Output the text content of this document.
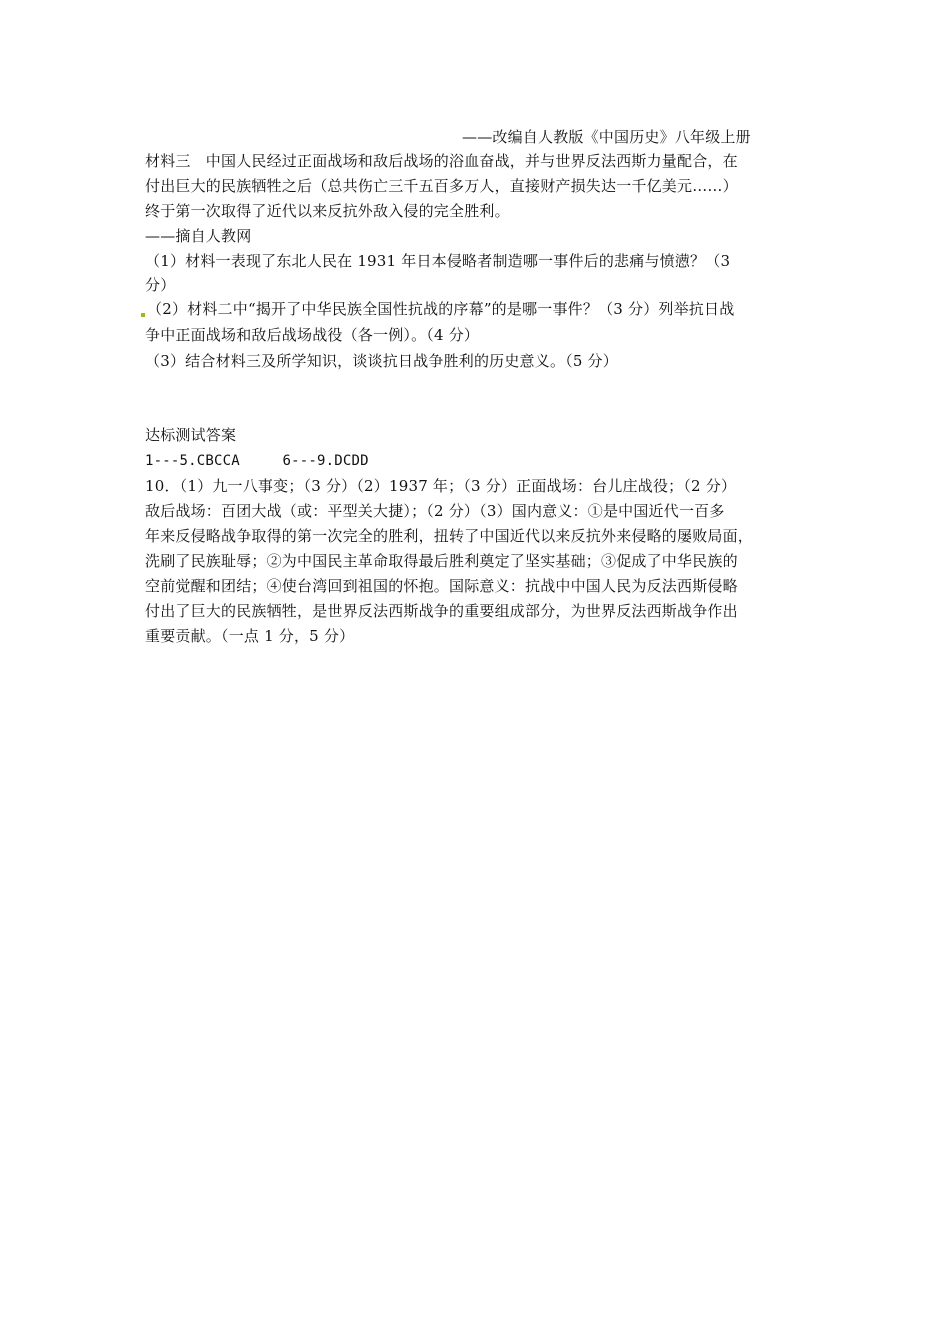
——改编自人教版《中国历史》八年级上册
材料三　中国人民经过正面战场和敌后战场的浴血奋战，并与世界反法西斯力量配合，在
付出巨大的民族牺牲之后（总共伤亡三千五百多万人，直接财产损失达一千亿美元……）
终于第一次取得了近代以来反抗外敌入侵的完全胜利。
——摘自人教网
（1）材料一表现了东北人民在 1931 年日本侵略者制造哪一事件后的悲痛与愤懑？（3
分）
（2）材料二中“揭开了中华民族全国性抗战的序幕”的是哪一事件？（3 分）列举抗日战
争中正面战场和敌后战场战役（各一例）。（4 分）
（3）结合材料三及所学知识，谈谈抗日战争胜利的历史意义。（5 分）
达标测试答案
1---5.CBCCA　　　6---9.DCDD
10．（1）九一八事变；（3 分）（2）1937 年；（3 分）正面战场：台儿庄战役；（2 分）
敌后战场：百团大战（或：平型关大捷）；（2 分）（3）国内意义：①是中国近代一百多
年来反侵略战争取得的第一次完全的胜利，扭转了中国近代以来反抗外来侵略的屡败局面，
洗刷了民族耻辱；②为中国民主革命取得最后胜利奠定了坚实基础；③促成了中华民族的
空前觉醒和团结；④使台湾回到祖国的怀抱。国际意义：抗战中中国人民为反法西斯侵略
付出了巨大的民族牺牲，是世界反法西斯战争的重要组成部分，为世界反法西斯战争作出
重要贡献。（一点 1 分，5 分）
